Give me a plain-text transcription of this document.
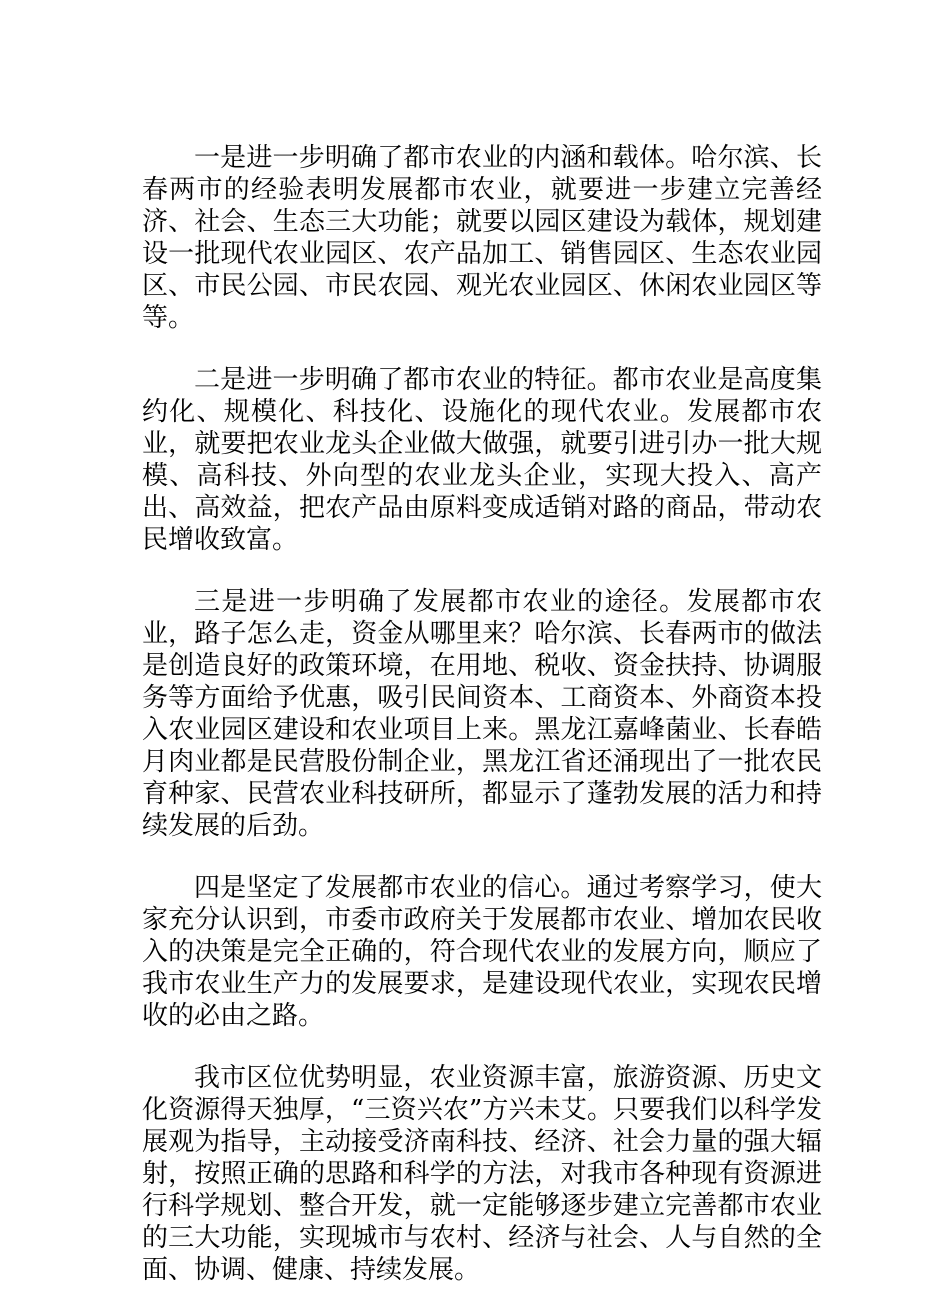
一是进一步明确了都市农业的内涵和载体。哈尔滨、长春两市的经验表明发展都市农业，就要进一步建立完善经济、社会、生态三大功能；就要以园区建设为载体，规划建设一批现代农业园区、农产品加工、销售园区、生态农业园区、市民公园、市民农园、观光农业园区、休闲农业园区等等。

二是进一步明确了都市农业的特征。都市农业是高度集约化、规模化、科技化、设施化的现代农业。发展都市农业，就要把农业龙头企业做大做强，就要引进引办一批大规模、高科技、外向型的农业龙头企业，实现大投入、高产出、高效益，把农产品由原料变成适销对路的商品，带动农民增收致富。

三是进一步明确了发展都市农业的途径。发展都市农业，路子怎么走，资金从哪里来？哈尔滨、长春两市的做法是创造良好的政策环境，在用地、税收、资金扶持、协调服务等方面给予优惠，吸引民间资本、工商资本、外商资本投入农业园区建设和农业项目上来。黑龙江嘉峰菌业、长春皓月肉业都是民营股份制企业，黑龙江省还涌现出了一批农民育种家、民营农业科技研所，都显示了蓬勃发展的活力和持续发展的后劲。

四是坚定了发展都市农业的信心。通过考察学习，使大家充分认识到，市委市政府关于发展都市农业、增加农民收入的决策是完全正确的，符合现代农业的发展方向，顺应了我市农业生产力的发展要求，是建设现代农业，实现农民增收的必由之路。

我市区位优势明显，农业资源丰富，旅游资源、历史文化资源得天独厚，“三资兴农”方兴未艾。只要我们以科学发展观为指导，主动接受济南科技、经济、社会力量的强大辐射，按照正确的思路和科学的方法，对我市各种现有资源进行科学规划、整合开发，就一定能够逐步建立完善都市农业的三大功能，实现城市与农村、经济与社会、人与自然的全面、协调、健康、持续发展。
